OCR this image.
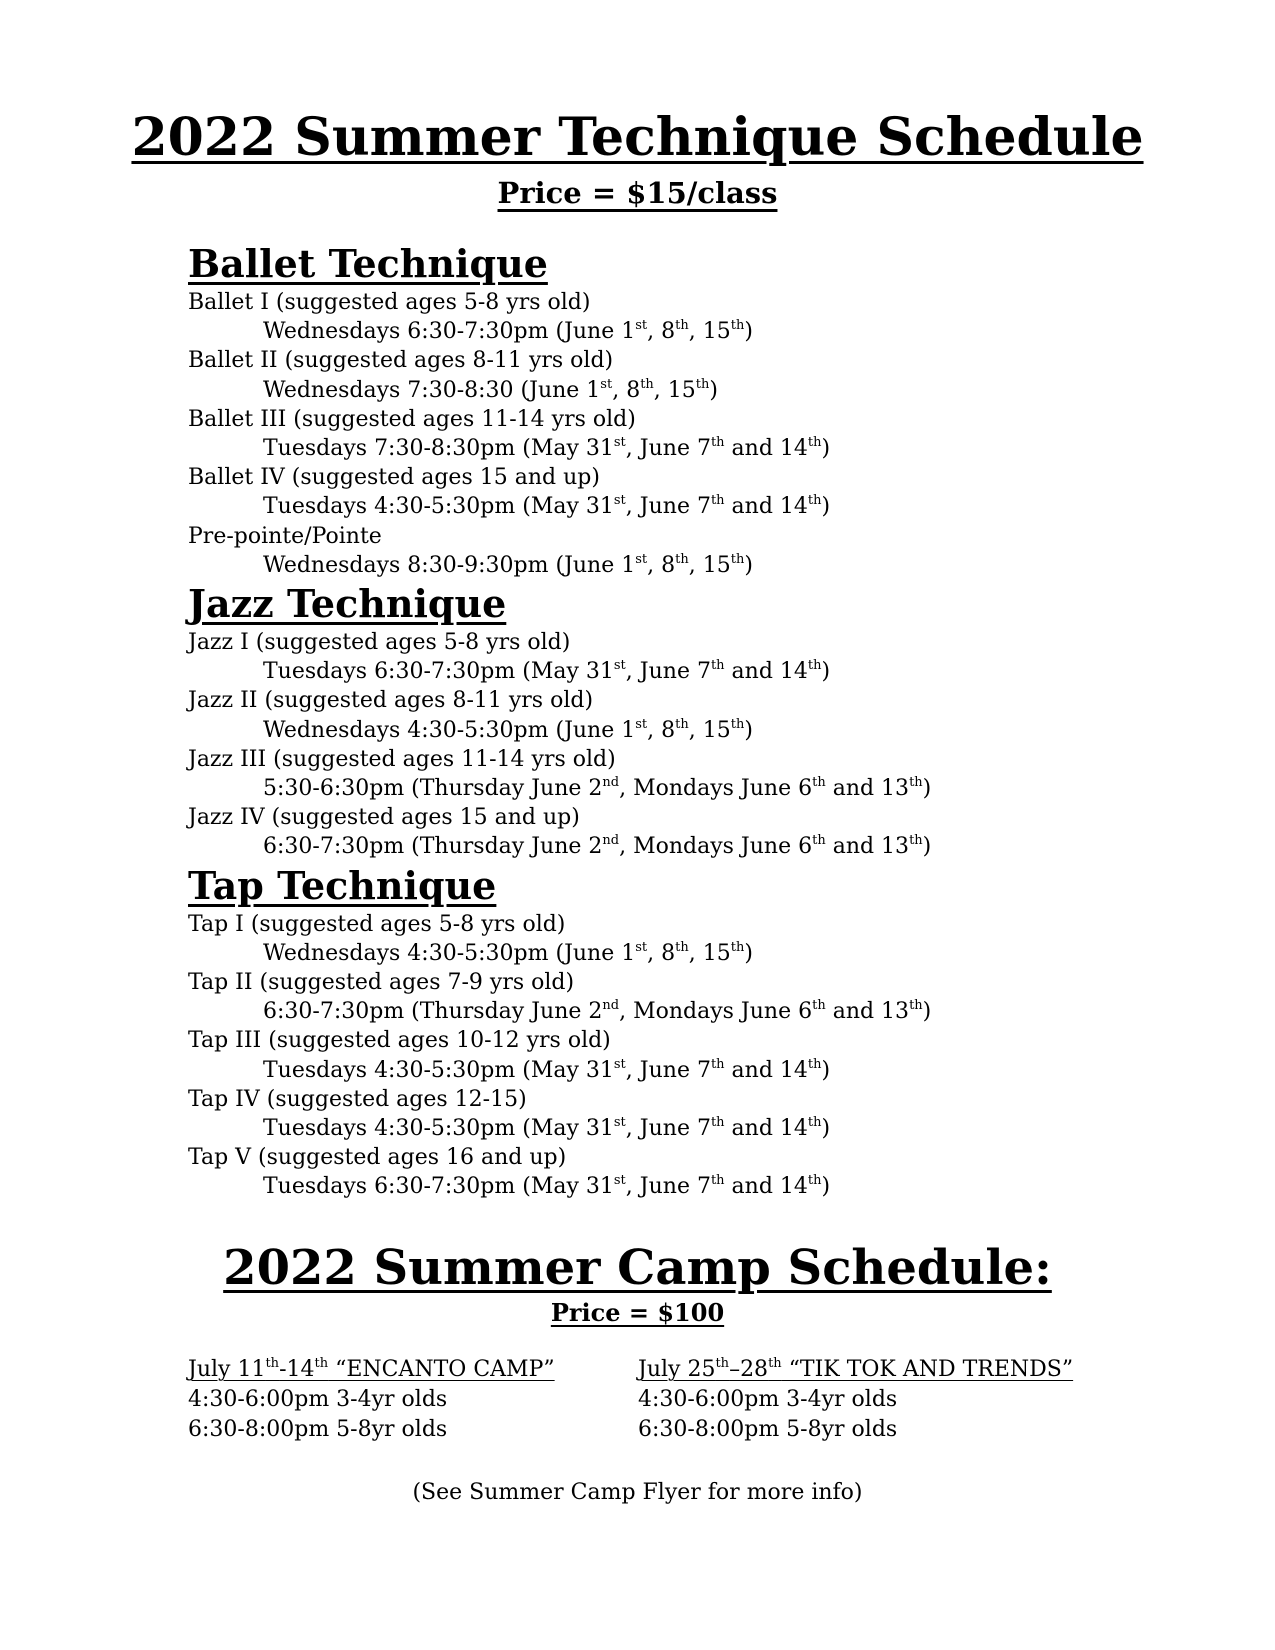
2022 Summer Technique Schedule
Price = $15/class
Ballet Technique
Ballet I (suggested ages 5-8 yrs old)
Wednesdays 6:30-7:30pm (June 1st, 8th, 15th)
Ballet II (suggested ages 8-11 yrs old)
Wednesdays 7:30-8:30 (June 1st, 8th, 15th)
Ballet III (suggested ages 11-14 yrs old)
Tuesdays 7:30-8:30pm (May 31st, June 7th and 14th)
Ballet IV (suggested ages 15 and up)
Tuesdays 4:30-5:30pm (May 31st, June 7th and 14th)
Pre-pointe/Pointe
Wednesdays 8:30-9:30pm (June 1st, 8th, 15th)
Jazz Technique
Jazz I (suggested ages 5-8 yrs old)
Tuesdays 6:30-7:30pm (May 31st, June 7th and 14th)
Jazz II (suggested ages 8-11 yrs old)
Wednesdays 4:30-5:30pm (June 1st, 8th, 15th)
Jazz III (suggested ages 11-14 yrs old)
5:30-6:30pm (Thursday June 2nd, Mondays June 6th and 13th)
Jazz IV (suggested ages 15 and up)
6:30-7:30pm (Thursday June 2nd, Mondays June 6th and 13th)
Tap Technique
Tap I (suggested ages 5-8 yrs old)
Wednesdays 4:30-5:30pm (June 1st, 8th, 15th)
Tap II (suggested ages 7-9 yrs old)
6:30-7:30pm (Thursday June 2nd, Mondays June 6th and 13th)
Tap III (suggested ages 10-12 yrs old)
Tuesdays 4:30-5:30pm (May 31st, June 7th and 14th)
Tap IV (suggested ages 12-15)
Tuesdays 4:30-5:30pm (May 31st, June 7th and 14th)
Tap V (suggested ages 16 and up)
Tuesdays 6:30-7:30pm (May 31st, June 7th and 14th)
2022 Summer Camp Schedule:
Price = $100
July 11th-14th “ENCANTO CAMP”
4:30-6:00pm 3-4yr olds
6:30-8:00pm 5-8yr olds
July 25th–28th “TIK TOK AND TRENDS”
4:30-6:00pm 3-4yr olds
6:30-8:00pm 5-8yr olds
(See Summer Camp Flyer for more info)
